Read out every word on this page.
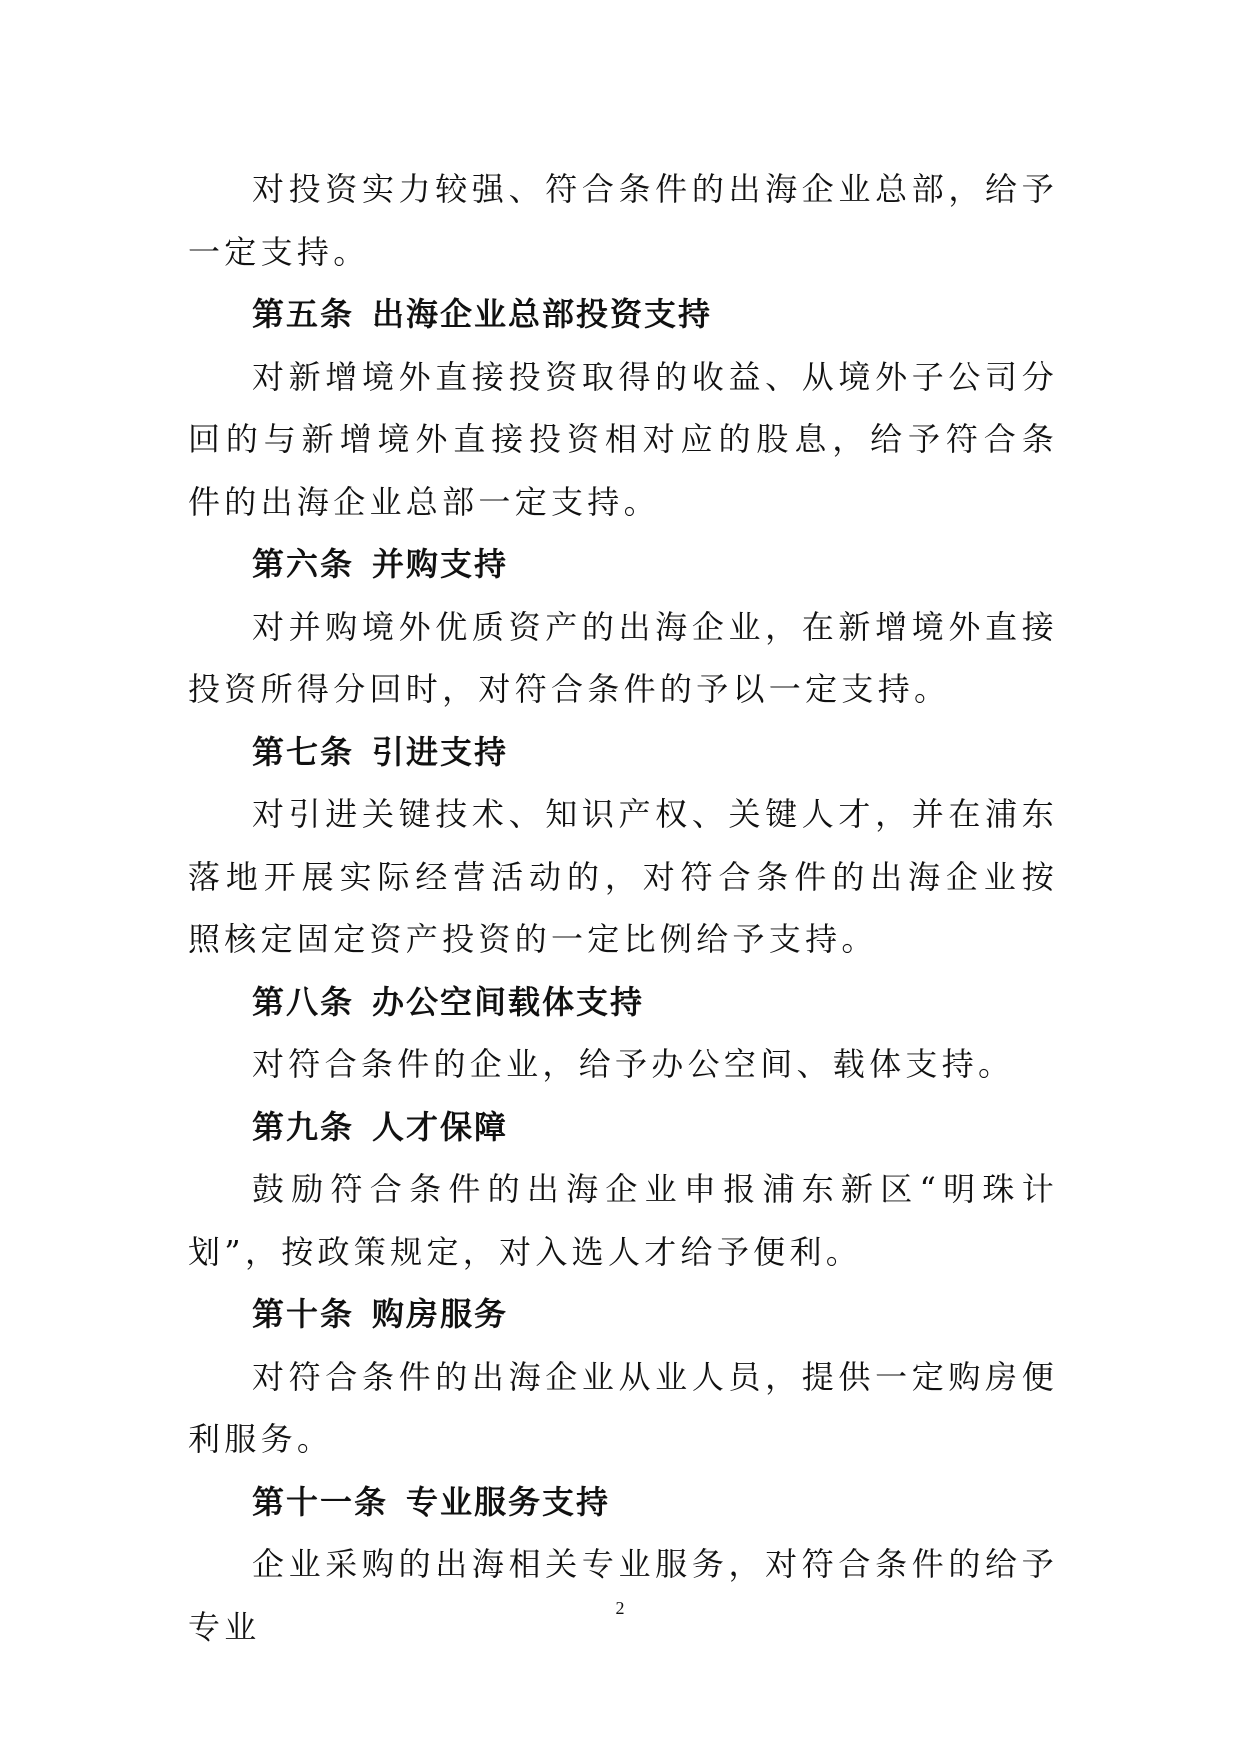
对投资实力较强、符合条件的出海企业总部，给予一定支持。

第五条 出海企业总部投资支持

对新增境外直接投资取得的收益、从境外子公司分回的与新增境外直接投资相对应的股息，给予符合条件的出海企业总部一定支持。

第六条 并购支持

对并购境外优质资产的出海企业，在新增境外直接投资所得分回时，对符合条件的予以一定支持。

第七条 引进支持

对引进关键技术、知识产权、关键人才，并在浦东落地开展实际经营活动的，对符合条件的出海企业按照核定固定资产投资的一定比例给予支持。

第八条 办公空间载体支持

对符合条件的企业，给予办公空间、载体支持。

第九条 人才保障

鼓励符合条件的出海企业申报浦东新区“明珠计划”，按政策规定，对入选人才给予便利。

第十条 购房服务

对符合条件的出海企业从业人员，提供一定购房便利服务。

第十一条 专业服务支持

企业采购的出海相关专业服务，对符合条件的给予专业	2
